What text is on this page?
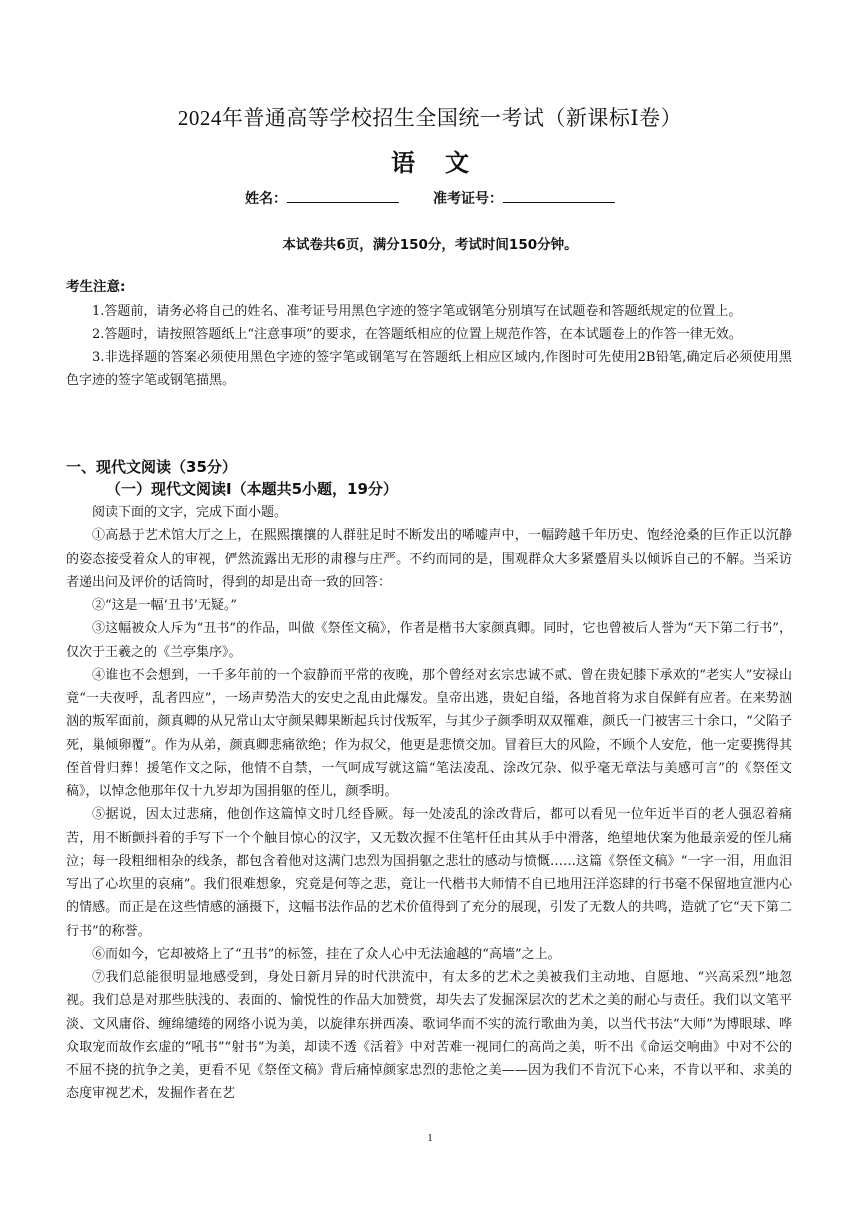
2024年普通高等学校招生全国统一考试（新课标Ⅰ卷）
语文
姓名：	准考证号：
本试卷共6页，满分150分，考试时间150分钟。
考生注意:

1.答题前，请务必将自己的姓名、准考证号用黑色字迹的签字笔或钢笔分别填写在试题卷和答题纸规定的位置上。

2.答题时，请按照答题纸上“注意事项”的要求，在答题纸相应的位置上规范作答，在本试题卷上的作答一律无效。

3.非选择题的答案必须使用黑色字迹的签字笔或钢笔写在答题纸上相应区域内,作图时可先使用2B铅笔,确定后必须使用黑色字迹的签字笔或钢笔描黑。

一、现代文阅读（35分）
（一）现代文阅读Ⅰ（本题共5小题，19分）

阅读下面的文字，完成下面小题。

①高悬于艺术馆大厅之上，在熙熙攘攘的人群驻足时不断发出的唏嘘声中，一幅跨越千年历史、饱经沧桑的巨作正以沉静的姿态接受着众人的审视，俨然流露出无形的肃穆与庄严。不约而同的是，围观群众大多紧蹙眉头以倾诉自己的不解。当采访者递出问及评价的话筒时，得到的却是出奇一致的回答：

②“这是一幅‘丑书’无疑。”

③这幅被众人斥为“丑书”的作品，叫做《祭侄文稿》，作者是楷书大家颜真卿。同时，它也曾被后人誉为“天下第二行书”，仅次于王羲之的《兰亭集序》。

④谁也不会想到，一千多年前的一个寂静而平常的夜晚，那个曾经对玄宗忠诚不贰、曾在贵妃膝下承欢的“老实人”安禄山竟“一夫夜呼，乱者四应”，一场声势浩大的安史之乱由此爆发。皇帝出逃，贵妃自缢，各地首将为求自保鲜有应者。在来势汹汹的叛军面前，颜真卿的从兄常山太守颜杲卿果断起兵讨伐叛军，与其少子颜季明双双罹难，颜氏一门被害三十余口，“父陷子死，巢倾卵覆”。作为从弟，颜真卿悲痛欲绝；作为叔父，他更是悲愤交加。冒着巨大的风险，不顾个人安危，他一定要携得其侄首骨归葬！援笔作文之际，他情不自禁，一气呵成写就这篇“笔法凌乱、涂改冗杂、似乎毫无章法与美感可言”的《祭侄文稿》，以悼念他那年仅十九岁却为国捐躯的侄儿，颜季明。

⑤据说，因太过悲痛，他创作这篇悼文时几经昏厥。每一处凌乱的涂改背后，都可以看见一位年近半百的老人强忍着痛苦，用不断颤抖着的手写下一个个触目惊心的汉字，又无数次握不住笔杆任由其从手中滑落，绝望地伏案为他最亲爱的侄儿痛泣；每一段粗细相杂的线条，都包含着他对这满门忠烈为国捐躯之悲壮的感动与愤慨……这篇《祭侄文稿》“一字一泪，用血泪写出了心坎里的哀痛”。我们很难想象，究竟是何等之悲，竟让一代楷书大师情不自已地用汪洋恣肆的行书毫不保留地宣泄内心的情感。而正是在这些情感的涵摄下，这幅书法作品的艺术价值得到了充分的展现，引发了无数人的共鸣，造就了它“天下第二行书”的称誉。

⑥而如今，它却被烙上了“丑书”的标签，挂在了众人心中无法逾越的“高墙”之上。

⑦我们总能很明显地感受到，身处日新月异的时代洪流中，有太多的艺术之美被我们主动地、自愿地、“兴高采烈”地忽视。我们总是对那些肤浅的、表面的、愉悦性的作品大加赞赏，却失去了发掘深层次的艺术之美的耐心与责任。我们以文笔平淡、文风庸俗、缠绵缱绻的网络小说为美，以旋律东拼西凑、歌词华而不实的流行歌曲为美，以当代书法“大师”为博眼球、哗众取宠而故作玄虚的“吼书”“射书”为美，却读不透《活着》中对苦难一视同仁的高尚之美，听不出《命运交响曲》中对不公的不屈不挠的抗争之美，更看不见《祭侄文稿》背后痛悼颜家忠烈的悲怆之美——因为我们不肯沉下心来，不肯以平和、求美的态度审视艺术，发掘作者在艺

1
